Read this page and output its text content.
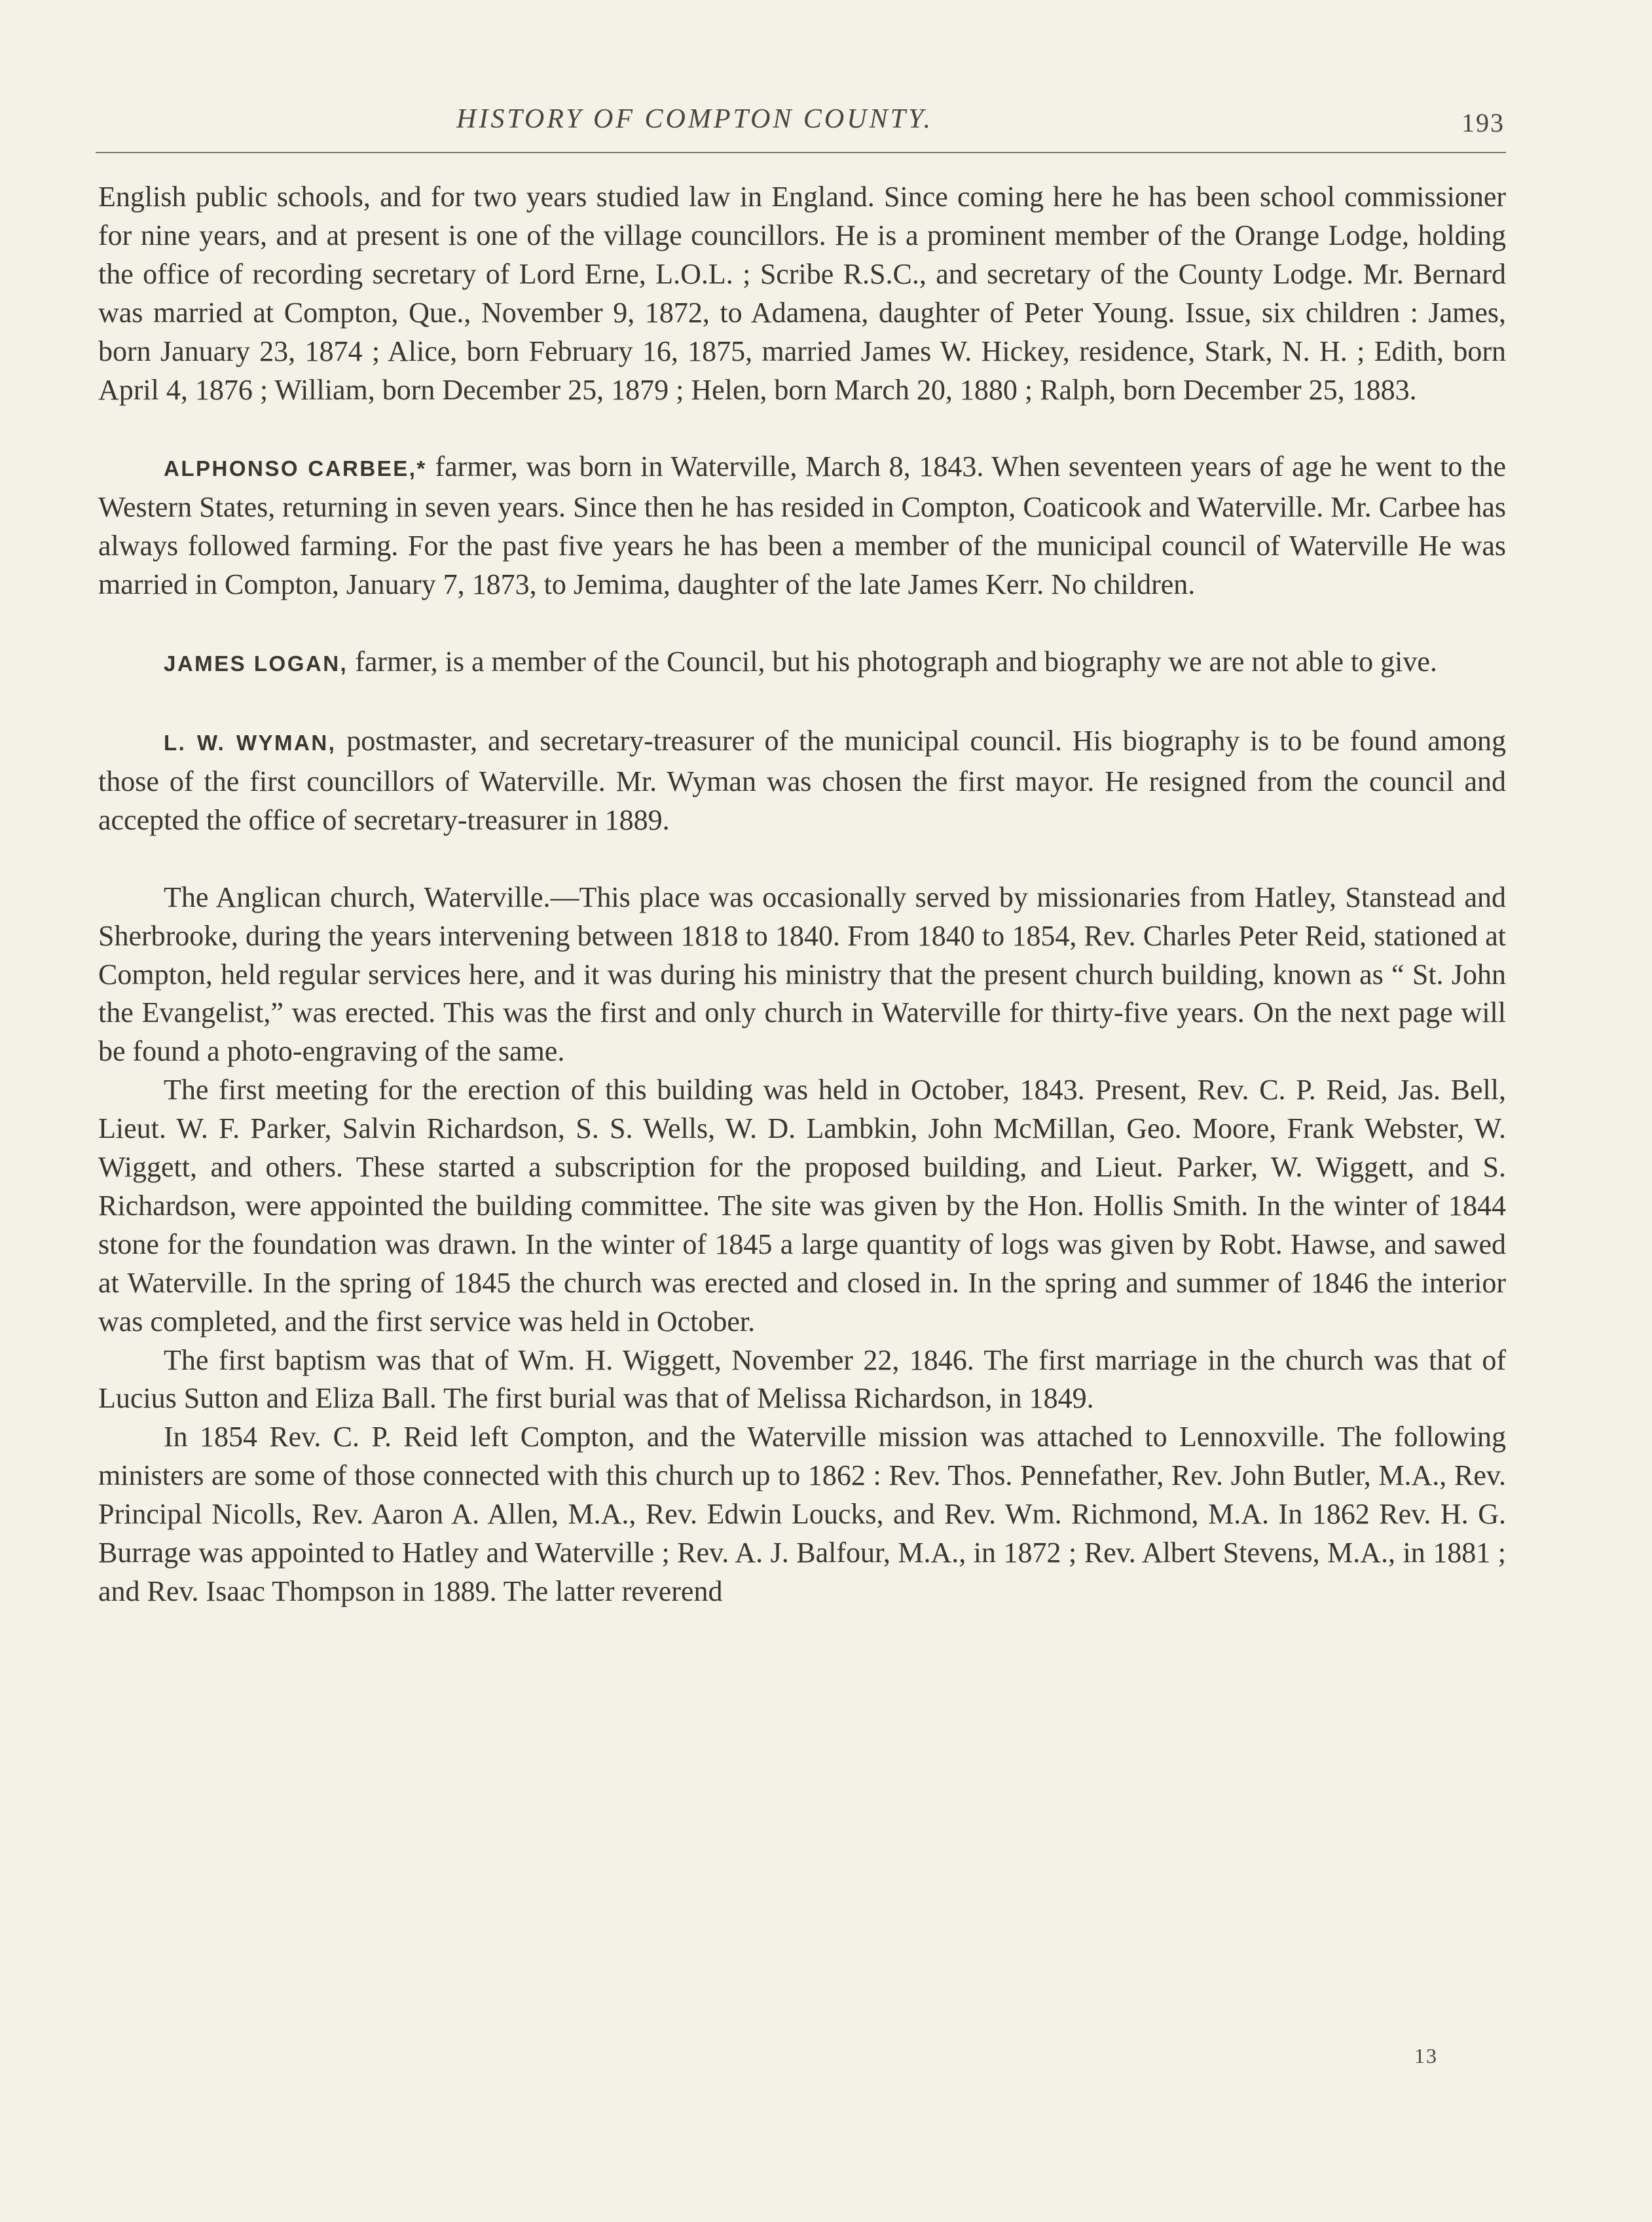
HISTORY OF COMPTON COUNTY.	193

English public schools, and for two years studied law in England. Since coming here he has been school commissioner for nine years, and at present is one of the village councillors. He is a prominent member of the Orange Lodge, holding the office of recording secretary of Lord Erne, L.O.L. ; Scribe R.S.C., and secretary of the County Lodge. Mr. Bernard was married at Compton, Que., November 9, 1872, to Adamena, daughter of Peter Young. Issue, six children : James, born January 23, 1874 ; Alice, born February 16, 1875, married James W. Hickey, residence, Stark, N. H. ; Edith, born April 4, 1876 ; William, born December 25, 1879 ; Helen, born March 20, 1880 ; Ralph, born December 25, 1883.

ALPHONSO CARBEE,* farmer, was born in Waterville, March 8, 1843. When seventeen years of age he went to the Western States, returning in seven years. Since then he has resided in Compton, Coaticook and Waterville. Mr. Carbee has always followed farming. For the past five years he has been a member of the municipal council of Waterville He was married in Compton, January 7, 1873, to Jemima, daughter of the late James Kerr. No children.

JAMES LOGAN, farmer, is a member of the Council, but his photograph and biography we are not able to give.

L. W. WYMAN, postmaster, and secretary-treasurer of the municipal council. His biography is to be found among those of the first councillors of Waterville. Mr. Wyman was chosen the first mayor. He resigned from the council and accepted the office of secretary-treasurer in 1889.

The Anglican church, Waterville.—This place was occasionally served by missionaries from Hatley, Stanstead and Sherbrooke, during the years intervening between 1818 to 1840. From 1840 to 1854, Rev. Charles Peter Reid, stationed at Compton, held regular services here, and it was during his ministry that the present church building, known as “ St. John the Evangelist,” was erected. This was the first and only church in Waterville for thirty-five years. On the next page will be found a photo-engraving of the same.

The first meeting for the erection of this building was held in October, 1843. Present, Rev. C. P. Reid, Jas. Bell, Lieut. W. F. Parker, Salvin Richardson, S. S. Wells, W. D. Lambkin, John McMillan, Geo. Moore, Frank Webster, W. Wiggett, and others. These started a subscription for the proposed building, and Lieut. Parker, W. Wiggett, and S. Richardson, were appointed the building committee. The site was given by the Hon. Hollis Smith. In the winter of 1844 stone for the foundation was drawn. In the winter of 1845 a large quantity of logs was given by Robt. Hawse, and sawed at Waterville. In the spring of 1845 the church was erected and closed in. In the spring and summer of 1846 the interior was completed, and the first service was held in October.

The first baptism was that of Wm. H. Wiggett, November 22, 1846. The first marriage in the church was that of Lucius Sutton and Eliza Ball. The first burial was that of Melissa Richardson, in 1849.

In 1854 Rev. C. P. Reid left Compton, and the Waterville mission was attached to Lennoxville. The following ministers are some of those connected with this church up to 1862 : Rev. Thos. Pennefather, Rev. John Butler, M.A., Rev. Principal Nicolls, Rev. Aaron A. Allen, M.A., Rev. Edwin Loucks, and Rev. Wm. Richmond, M.A. In 1862 Rev. H. G. Burrage was appointed to Hatley and Waterville ; Rev. A. J. Balfour, M.A., in 1872 ; Rev. Albert Stevens, M.A., in 1881 ; and Rev. Isaac Thompson in 1889. The latter reverend

13
